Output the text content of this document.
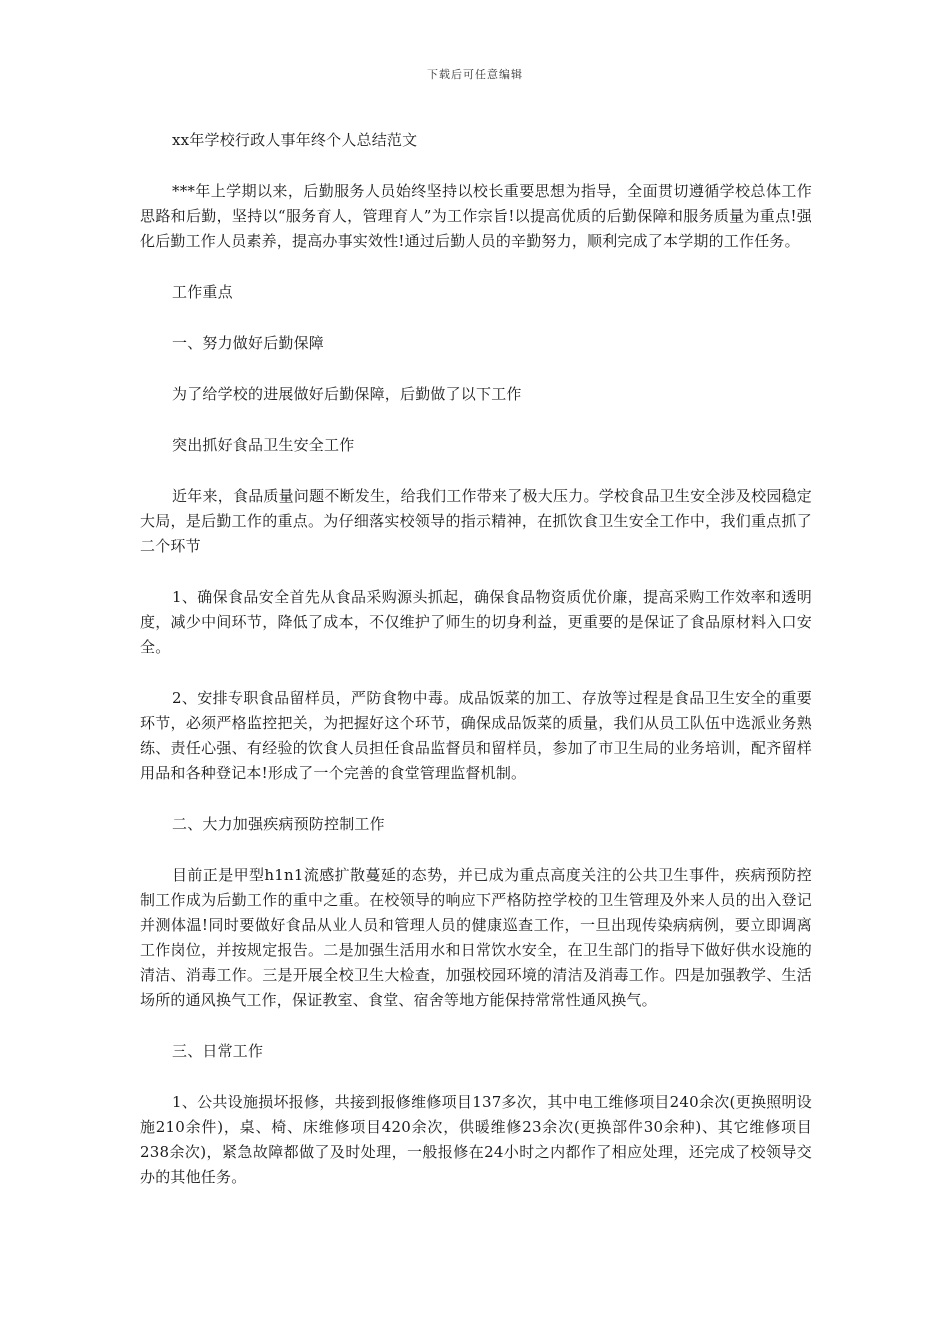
下载后可任意编辑

xx年学校行政人事年终个人总结范文

***年上学期以来，后勤服务人员始终坚持以校长重要思想为指导，全面贯切遵循学校总体工作思路和后勤，坚持以“服务育人，管理育人”为工作宗旨!以提高优质的后勤保障和服务质量为重点!强化后勤工作人员素养，提高办事实效性!通过后勤人员的辛勤努力，顺利完成了本学期的工作任务。

工作重点

一、努力做好后勤保障

为了给学校的进展做好后勤保障，后勤做了以下工作

突出抓好食品卫生安全工作

近年来，食品质量问题不断发生，给我们工作带来了极大压力。学校食品卫生安全涉及校园稳定大局，是后勤工作的重点。为仔细落实校领导的指示精神，在抓饮食卫生安全工作中，我们重点抓了二个环节

1、确保食品安全首先从食品采购源头抓起，确保食品物资质优价廉，提高采购工作效率和透明度，减少中间环节，降低了成本，不仅维护了师生的切身利益，更重要的是保证了食品原材料入口安全。

2、安排专职食品留样员，严防食物中毒。成品饭菜的加工、存放等过程是食品卫生安全的重要环节，必须严格监控把关，为把握好这个环节，确保成品饭菜的质量，我们从员工队伍中选派业务熟练、责任心强、有经验的饮食人员担任食品监督员和留样员，参加了市卫生局的业务培训，配齐留样用品和各种登记本!形成了一个完善的食堂管理监督机制。

二、大力加强疾病预防控制工作

目前正是甲型h1n1流感扩散蔓延的态势，并已成为重点高度关注的公共卫生事件，疾病预防控制工作成为后勤工作的重中之重。在校领导的响应下严格防控学校的卫生管理及外来人员的出入登记并测体温!同时要做好食品从业人员和管理人员的健康巡查工作，一旦出现传染病病例，要立即调离工作岗位，并按规定报告。二是加强生活用水和日常饮水安全，在卫生部门的指导下做好供水设施的清洁、消毒工作。三是开展全校卫生大检查，加强校园环境的清洁及消毒工作。四是加强教学、生活场所的通风换气工作，保证教室、食堂、宿舍等地方能保持常常性通风换气。

三、日常工作

1、公共设施损坏报修，共接到报修维修项目137多次，其中电工维修项目240余次(更换照明设施210余件)，桌、椅、床维修项目420余次，供暖维修23余次(更换部件30余种)、其它维修项目238余次)，紧急故障都做了及时处理，一般报修在24小时之内都作了相应处理，还完成了校领导交办的其他任务。
